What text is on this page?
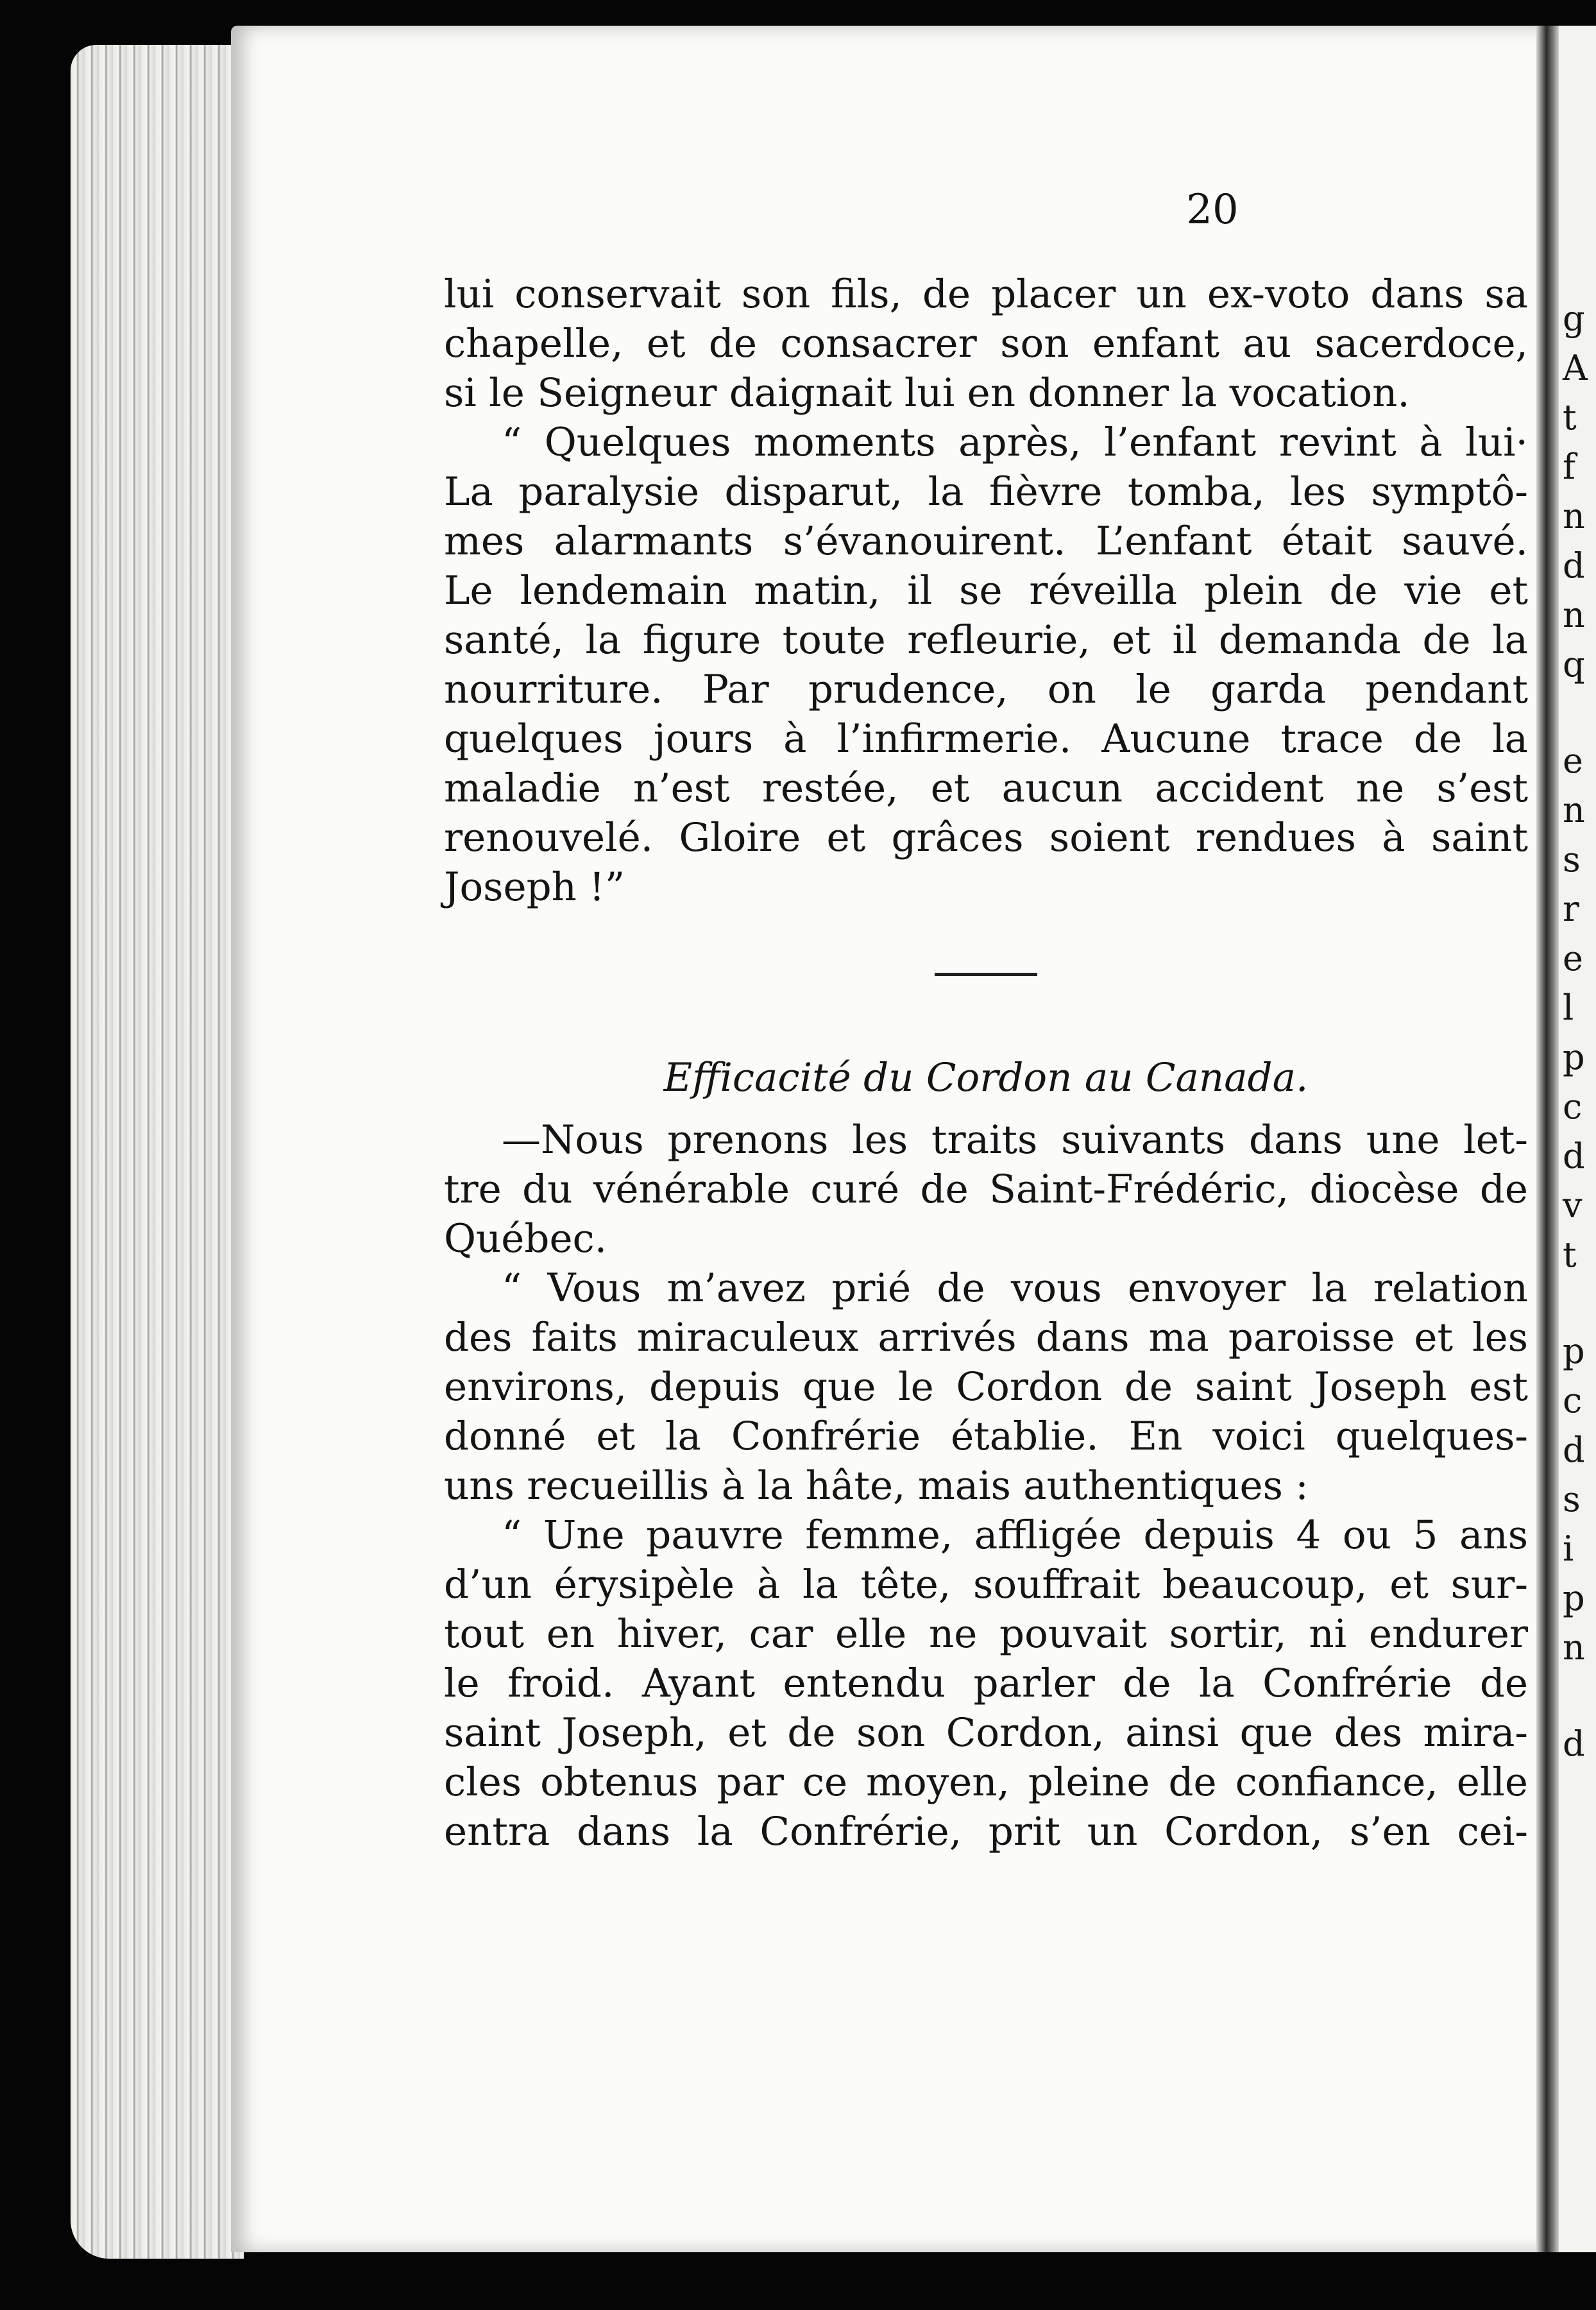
20
g
A
t
f
n
d
n
q
e
n
s
r
e
l
p
c
d
v
t
p
c
d
s
i
p
n
d
lui conservait son fils, de placer un ex-voto dans sa
chapelle, et de consacrer son enfant au sacerdoce,
si le Seigneur daignait lui en donner la vocation.
“ Quelques moments après, l’enfant revint à lui·
La paralysie disparut, la fièvre tomba, les symptô-
mes alarmants s’évanouirent. L’enfant était sauvé.
Le lendemain matin, il se réveilla plein de vie et
santé, la figure toute refleurie, et il demanda de la
nourriture. Par prudence, on le garda pendant
quelques jours à l’infirmerie. Aucune trace de la
maladie n’est restée, et aucun accident ne s’est
renouvelé. Gloire et grâces soient rendues à saint
Joseph !”
Efficacité du Cordon au Canada.
—Nous prenons les traits suivants dans une let-
tre du vénérable curé de Saint-Frédéric, diocèse de
Québec.
“ Vous m’avez prié de vous envoyer la relation
des faits miraculeux arrivés dans ma paroisse et les
environs, depuis que le Cordon de saint Joseph est
donné et la Confrérie établie. En voici quelques-
uns recueillis à la hâte, mais authentiques :
“ Une pauvre femme, affligée depuis 4 ou 5 ans
d’un érysipèle à la tête, souffrait beaucoup, et sur-
tout en hiver, car elle ne pouvait sortir, ni endurer
le froid. Ayant entendu parler de la Confrérie de
saint Joseph, et de son Cordon, ainsi que des mira-
cles obtenus par ce moyen, pleine de confiance, elle
entra dans la Confrérie, prit un Cordon, s’en cei-
